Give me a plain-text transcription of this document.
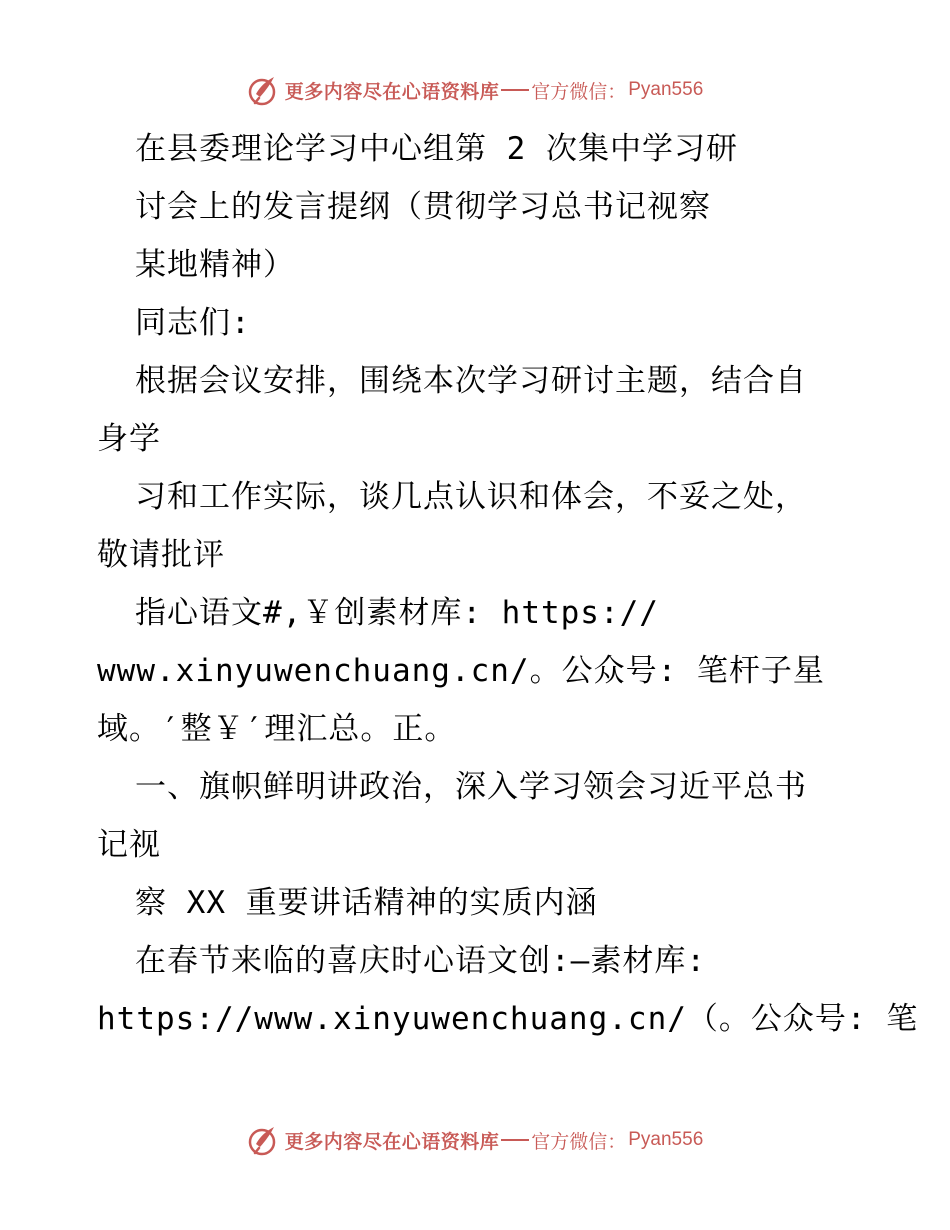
更多内容尽在心语资料库 官方微信： Pyan556
在县委理论学习中心组第 2 次集中学习研
讨会上的发言提纲（贯彻学习总书记视察
某地精神）
同志们:
根据会议安排，围绕本次学习研讨主题，结合自
身学
习和工作实际，谈几点认识和体会，不妥之处，
敬请批评
指心语文#,￥创素材库: https://
www.xinyuwenchuang.cn/。公众号: 笔杆子星
域。′整￥′理汇总。正。
一、旗帜鲜明讲政治，深入学习领会习近平总书
记视
察 XX 重要讲话精神的实质内涵
在春节来临的喜庆时心语文创:—素材库:
https://www.xinyuwenchuang.cn/（。公众号: 笔
更多内容尽在心语资料库 官方微信： Pyan556
